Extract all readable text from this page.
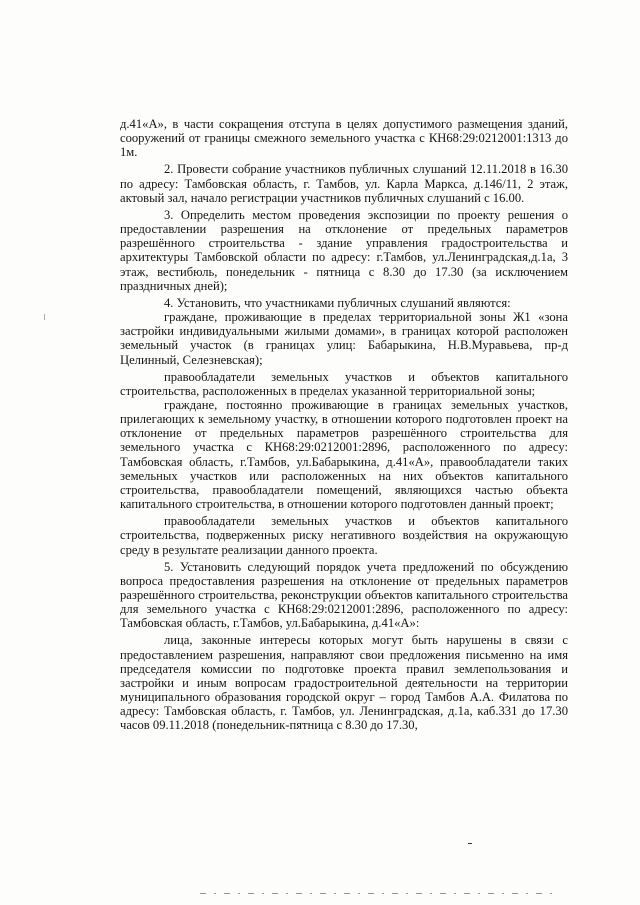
д.41«А», в части сокращения отступа в целях допустимого размещения зданий, сооружений от границы смежного земельного участка с КН68:29:0212001:1313 до 1м.

2. Провести собрание участников публичных слушаний 12.11.2018 в 16.30 по адресу: Тамбовская область, г. Тамбов, ул. Карла Маркса, д.146/11, 2 этаж, актовый зал, начало регистрации участников публичных слушаний с 16.00.

3. Определить местом проведения экспозиции по проекту решения о предоставлении разрешения на отклонение от предельных параметров разрешённого строительства - здание управления градостроительства и архитектуры Тамбовской области по адресу: г.Тамбов, ул.Ленинградская,д.1а, 3 этаж, вестибюль, понедельник - пятница с 8.30 до 17.30 (за исключением праздничных дней);

4. Установить, что участниками публичных слушаний являются:

граждане, проживающие в пределах территориальной зоны Ж1 «зона застройки индивидуальными жилыми домами», в границах которой расположен земельный участок (в границах улиц: Бабарыкина, Н.В.Муравьева, пр-д Целинный, Селезневская);

правообладатели земельных участков и объектов капитального строительства, расположенных в пределах указанной территориальной зоны;

граждане, постоянно проживающие в границах земельных участков, прилегающих к земельному участку, в отношении которого подготовлен проект на отклонение от предельных параметров разрешённого строительства для земельного участка с КН68:29:0212001:2896, расположенного по адресу: Тамбовская область, г.Тамбов, ул.Бабарыкина, д.41«А», правообладатели таких земельных участков или расположенных на них объектов капитального строительства, правообладатели помещений, являющихся частью объекта капитального строительства, в отношении которого подготовлен данный проект;

правообладатели земельных участков и объектов капитального строительства, подверженных риску негативного воздействия на окружающую среду в результате реализации данного проекта.

5. Установить следующий порядок учета предложений по обсуждению вопроса предоставления разрешения на отклонение от предельных параметров разрешённого строительства, реконструкции объектов капитального строительства для земельного участка с КН68:29:0212001:2896, расположенного по адресу: Тамбовская область, г.Тамбов, ул.Бабарыкина, д.41«А»:

лица, законные интересы которых могут быть нарушены в связи с предоставлением разрешения, направляют свои предложения письменно на имя председателя комиссии по подготовке проекта правил землепользования и застройки и иным вопросам градостроительной деятельности на территории муниципального образования городской округ – город Тамбов А.А. Филатова по адресу: Тамбовская область, г. Тамбов, ул. Ленинградская, д.1а, каб.331 до 17.30 часов 09.11.2018 (понедельник-пятница с 8.30 до 17.30,
